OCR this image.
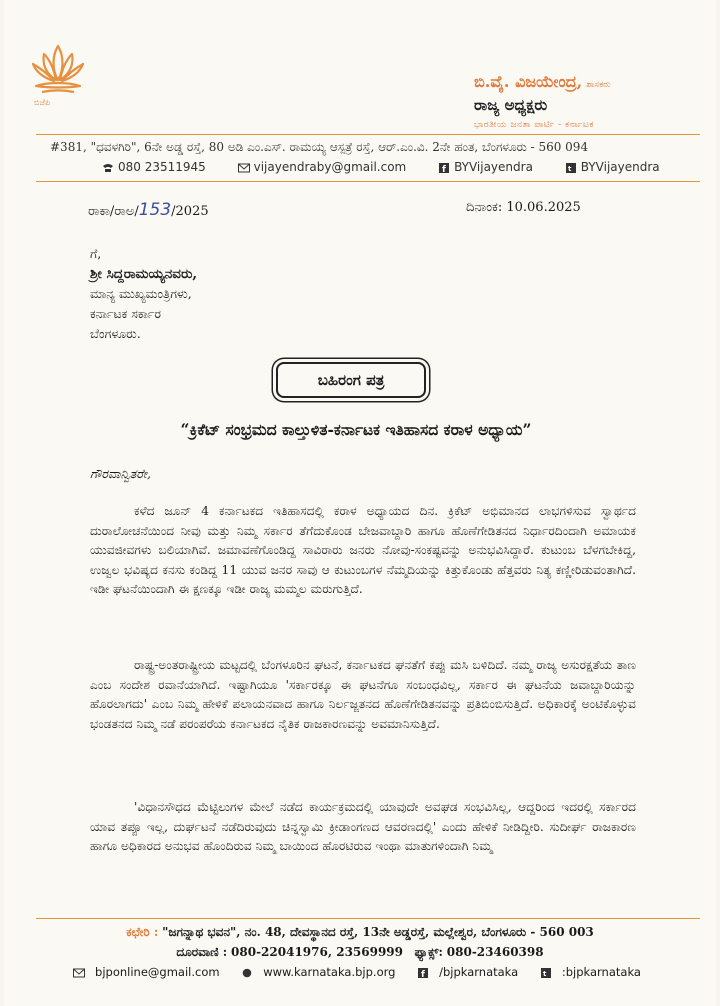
ಬಿಜೆಪಿ
ಬಿ.ವೈ. ವಿಜಯೇಂದ್ರ, ಶಾಸಕರು
ರಾಜ್ಯ ಅಧ್ಯಕ್ಷರು
ಭಾರತೀಯ ಜನತಾ ಪಾರ್ಟಿ - ಕರ್ನಾಟಕ
#381, "ಧವಳಗಿರಿ", 6ನೇ ಅಡ್ಡ ರಸ್ತೆ, 80 ಅಡಿ ಎಂ.ಎಸ್. ರಾಮಯ್ಯ ಆಸ್ಪತ್ರೆ ರಸ್ತೆ, ಆರ್.ಎಂ.ವಿ. 2ನೇ ಹಂತ, ಬೆಂಗಳೂರು - 560 094
080 23511945	vijayendraby@gmail.com	f BYVijayendra	t BYVijayendra
ರಾಕಾ/ರಾಅ/153/2025	ದಿನಾಂಕ: 10.06.2025
ಗೆ,
ಶ್ರೀ ಸಿದ್ದರಾಮಯ್ಯನವರು,
ಮಾನ್ಯ ಮುಖ್ಯಮಂತ್ರಿಗಳು,
ಕರ್ನಾಟಕ ಸರ್ಕಾರ
ಬೆಂಗಳೂರು.
ಬಹಿರಂಗ ಪತ್ರ
“ಕ್ರಿಕೆಟ್ ಸಂಭ್ರಮದ ಕಾಲ್ತುಳಿತ-ಕರ್ನಾಟಕ ಇತಿಹಾಸದ ಕರಾಳ ಅಧ್ಯಾಯ”
ಗೌರವಾನ್ವಿತರೇ,
ಕಳೆದ ಜೂನ್ 4 ಕರ್ನಾಟಕದ ಇತಿಹಾಸದಲ್ಲಿ ಕರಾಳ ಅಧ್ಯಾಯದ ದಿನ. ಕ್ರಿಕೆಟ್ ಅಭಿಮಾನದ ಲಾಭಗಳಿಸುವ ಸ್ವಾರ್ಥದ ದುರಾಲೋಚನೆಯಿಂದ ನೀವು ಮತ್ತು ನಿಮ್ಮ ಸರ್ಕಾರ ತೆಗೆದುಕೊಂಡ ಬೇಜವಾಬ್ದಾರಿ ಹಾಗೂ ಹೊಣೆಗೇಡಿತನದ ನಿರ್ಧಾರದಿಂದಾಗಿ ಅಮಾಯಕ ಯುವಜೀವಗಳು ಬಲಿಯಾಗಿವೆ. ಜಮಾವಣೆಗೊಂಡಿದ್ದ ಸಾವಿರಾರು ಜನರು ನೋವು-ಸಂಕಷ್ಟವನ್ನು ಅನುಭವಿಸಿದ್ದಾರೆ. ಕುಟುಂಬ ಬೆಳಗಬೇಕಿದ್ದ, ಉಜ್ವಲ ಭವಿಷ್ಯದ ಕನಸು ಕಂಡಿದ್ದ 11 ಯುವ ಜನರ ಸಾವು ಆ ಕುಟುಂಬಗಳ ನೆಮ್ಮದಿಯನ್ನು ಕಿತ್ತುಕೊಂಡು ಹೆತ್ತವರು ನಿತ್ಯ ಕಣ್ಣೀರಿಡುವಂತಾಗಿದೆ. ಇಡೀ ಘಟನೆಯಿಂದಾಗಿ ಈ ಕ್ಷಣಕ್ಕೂ ಇಡೀ ರಾಜ್ಯ ಮಮ್ಮಲ ಮರುಗುತ್ತಿದೆ.
ರಾಷ್ಟ್ರ-ಅಂತರಾಷ್ಟ್ರೀಯ ಮಟ್ಟದಲ್ಲಿ ಬೆಂಗಳೂರಿನ ಘಟನೆ, ಕರ್ನಾಟಕದ ಘನತೆಗೆ ಕಪ್ಪು ಮಸಿ ಬಳಿದಿದೆ. ನಮ್ಮ ರಾಜ್ಯ ಅಸುರಕ್ಷತೆಯ ತಾಣ ಎಂಬ ಸಂದೇಶ ರವಾನೆಯಾಗಿದೆ. ಇಷ್ಟಾಗಿಯೂ 'ಸರ್ಕಾರಕ್ಕೂ ಈ ಘಟನೆಗೂ ಸಂಬಂಧವಿಲ್ಲ, ಸರ್ಕಾರ ಈ ಘಟನೆಯ ಜವಾಬ್ದಾರಿಯನ್ನು ಹೊರಲಾಗದು' ಎಂಬ ನಿಮ್ಮ ಹೇಳಿಕೆ ಪಲಾಯನವಾದ ಹಾಗೂ ನಿರ್ಲಜ್ಜತನದ ಹೊಣೆಗೇಡಿತನವನ್ನು ಪ್ರತಿಬಿಂಬಿಸುತ್ತಿದೆ. ಅಧಿಕಾರಕ್ಕೆ ಅಂಟಿಕೊಳ್ಳುವ ಭಂಡತನದ ನಿಮ್ಮ ನಡೆ ಪರಂಪರೆಯ ಕರ್ನಾಟಕದ ನೈತಿಕ ರಾಜಕಾರಣವನ್ನು ಅವಮಾನಿಸುತ್ತಿದೆ.
'ವಿಧಾನಸೌಧದ ಮೆಟ್ಟಿಲುಗಳ ಮೇಲೆ ನಡೆದ ಕಾರ್ಯಕ್ರಮದಲ್ಲಿ ಯಾವುದೇ ಅವಘಡ ಸಂಭವಿಸಿಲ್ಲ, ಆದ್ದರಿಂದ ಇದರಲ್ಲಿ ಸರ್ಕಾರದ ಯಾವ ತಪ್ಪೂ ಇಲ್ಲ, ದುರ್ಘಟನೆ ನಡೆದಿರುವುದು ಚಿನ್ನಸ್ವಾಮಿ ಕ್ರೀಡಾಂಗಣದ ಆವರಣದಲ್ಲಿ' ಎಂದು ಹೇಳಿಕೆ ನೀಡಿದ್ದೀರಿ. ಸುದೀರ್ಘ ರಾಜಕಾರಣ ಹಾಗೂ ಅಧಿಕಾರದ ಅನುಭವ ಹೊಂದಿರುವ ನಿಮ್ಮ ಬಾಯಿಂದ ಹೊರಟಿರುವ ಇಂಥಾ ಮಾತುಗಳಿಂದಾಗಿ ನಿಮ್ಮ
ಕಛೇರಿ : "ಜಗನ್ನಾಥ ಭವನ", ನಂ. 48, ದೇವಸ್ಥಾನದ ರಸ್ತೆ, 13ನೇ ಅಡ್ಡರಸ್ತೆ, ಮಲ್ಲೇಶ್ವರ, ಬೆಂಗಳೂರು - 560 003
ದೂರವಾಣಿ : 080-22041976, 23569999 ಫ್ಯಾಕ್ಸ್: 080-23460398
bjponline@gmail.com	www.karnataka.bjp.org	f /bjpkarnataka	t :bjpkarnataka
